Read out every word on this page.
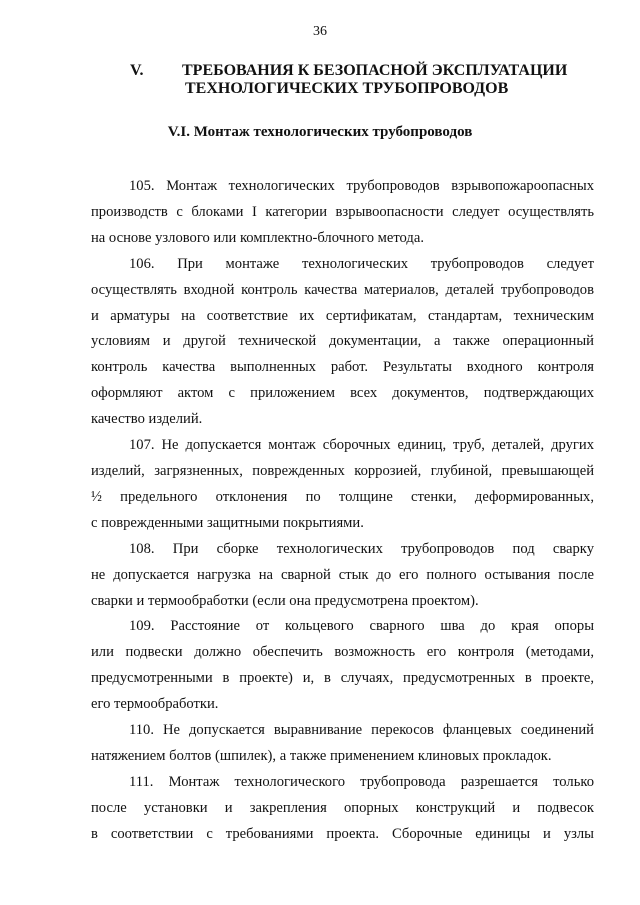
36
V. ТРЕБОВАНИЯ К БЕЗОПАСНОЙ ЭКСПЛУАТАЦИИ
ТЕХНОЛОГИЧЕСКИХ ТРУБОПРОВОДОВ
V.I. Монтаж технологических трубопроводов

105. Монтаж технологических трубопроводов взрывопожароопасных
производств с блоками I категории взрывоопасности следует осуществлять
на основе узлового или комплектно-блочного метода.

106. При монтаже технологических трубопроводов следует
осуществлять входной контроль качества материалов, деталей трубопроводов
и арматуры на соответствие их сертификатам, стандартам, техническим
условиям и другой технической документации, а также операционный
контроль качества выполненных работ. Результаты входного контроля
оформляют актом с приложением всех документов, подтверждающих
качество изделий.

107. Не допускается монтаж сборочных единиц, труб, деталей, других
изделий, загрязненных, поврежденных коррозией, глубиной, превышающей
½ предельного отклонения по толщине стенки, деформированных,
с поврежденными защитными покрытиями.

108. При сборке технологических трубопроводов под сварку
не допускается нагрузка на сварной стык до его полного остывания после
сварки и термообработки (если она предусмотрена проектом).

109. Расстояние от кольцевого сварного шва до края опоры
или подвески должно обеспечить возможность его контроля (методами,
предусмотренными в проекте) и, в случаях, предусмотренных в проекте,
его термообработки.

110. Не допускается выравнивание перекосов фланцевых соединений
натяжением болтов (шпилек), а также применением клиновых прокладок.

111. Монтаж технологического трубопровода разрешается только
после установки и закрепления опорных конструкций и подвесок
в соответствии с требованиями проекта. Сборочные единицы и узлы
